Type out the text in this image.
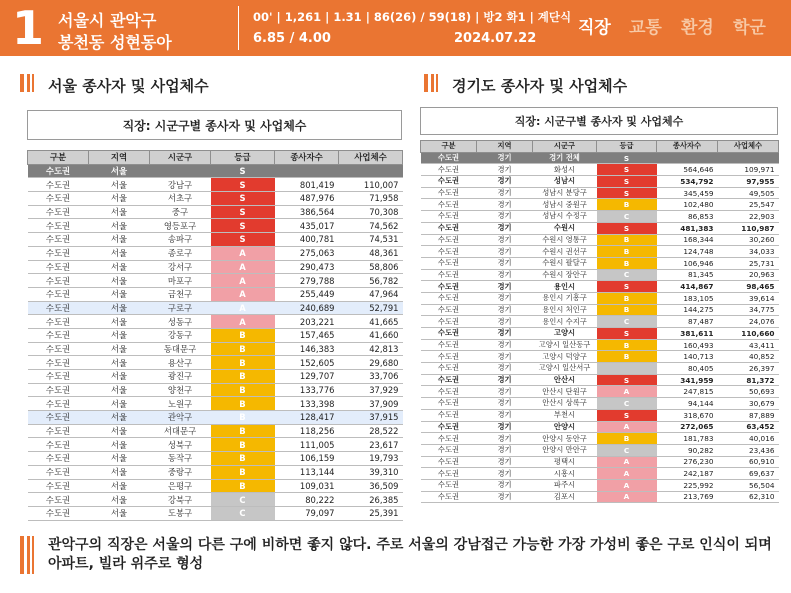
1 서울시 관악구
봉천동 성현동아
00' | 1,261 | 1.31 | 86(26) / 59(18) | 방2 화1 | 계단식
6.85 / 4.00	2024.07.22
직장 교통 환경 학군
서울 종사자 및 사업체수	경기도 종사자 및 사업체수
직장: 시군구별 종사자 및 사업체수	직장: 시군구별 종사자 및 사업체수
구분	지역	시군구	등급	종사자수	사업체수
수도권	서울		S		
수도권	서울	강남구	S	801,419	110,007
수도권	서울	서초구	S	487,976	71,958
수도권	서울	중구	S	386,564	70,308
수도권	서울	영등포구	S	435,017	74,562
수도권	서울	송파구	S	400,781	74,531
수도권	서울	종로구	A	275,063	48,361
수도권	서울	강서구	A	290,473	58,806
수도권	서울	마포구	A	279,788	56,782
수도권	서울	금천구	A	255,449	47,964
수도권	서울	구로구	A	240,689	52,791
수도권	서울	성동구	A	203,221	41,665
수도권	서울	강동구	B	157,465	41,660
수도권	서울	동대문구	B	146,383	42,813
수도권	서울	용산구	B	152,605	29,680
수도권	서울	광진구	B	129,707	33,706
수도권	서울	양천구	B	133,776	37,929
수도권	서울	노원구	B	133,398	37,909
수도권	서울	관악구	B	128,417	37,915
수도권	서울	서대문구	B	118,256	28,522
수도권	서울	성북구	B	111,005	23,617
수도권	서울	동작구	B	106,159	19,793
수도권	서울	중랑구	B	113,144	39,310
수도권	서울	은평구	B	109,031	36,509
수도권	서울	강북구	C	80,222	26,385
수도권	서울	도봉구	C	79,097	25,391
구분	지역	시군구	등급	종사자수	사업체수
수도권	경기	경기 전체	S		
수도권	경기	화성시	S	564,646	109,971
수도권	경기	성남시	S	534,792	97,955
수도권	경기	성남시 분당구	S	345,459	49,505
수도권	경기	성남시 중원구	B	102,480	25,547
수도권	경기	성남시 수정구	C	86,853	22,903
수도권	경기	수원시	S	481,383	110,987
수도권	경기	수원시 영통구	B	168,344	30,260
수도권	경기	수원시 권선구	B	124,748	34,033
수도권	경기	수원시 팔달구	B	106,946	25,731
수도권	경기	수원시 장안구	C	81,345	20,963
수도권	경기	용인시	S	414,867	98,465
수도권	경기	용인시 기흥구	B	183,105	39,614
수도권	경기	용인시 처인구	B	144,275	34,775
수도권	경기	용인시 수지구	C	87,487	24,076
수도권	경기	고양시	S	381,611	110,660
수도권	경기	고양시 일산동구	B	160,493	43,411
수도권	경기	고양시 덕양구	B	140,713	40,852
수도권	경기	고양시 일산서구		80,405	26,397
수도권	경기	안산시	S	341,959	81,372
수도권	경기	안산시 단원구	A	247,815	50,693
수도권	경기	안산시 상록구	C	94,144	30,679
수도권	경기	부천시	S	318,670	87,889
수도권	경기	안양시	A	272,065	63,452
수도권	경기	안양시 동안구	B	181,783	40,016
수도권	경기	안양시 만안구	C	90,282	23,436
수도권	경기	평택시	A	276,230	60,910
수도권	경기	시흥시	A	242,187	69,637
수도권	경기	파주시	A	225,992	56,504
수도권	경기	김포시	A	213,769	62,310
관악구의 직장은 서울의 다른 구에 비하면 좋지 않다. 주로 서울의 강남접근 가능한 가장 가성비 좋은 구로 인식이 되며 아파트, 빌라 위주로 형성
